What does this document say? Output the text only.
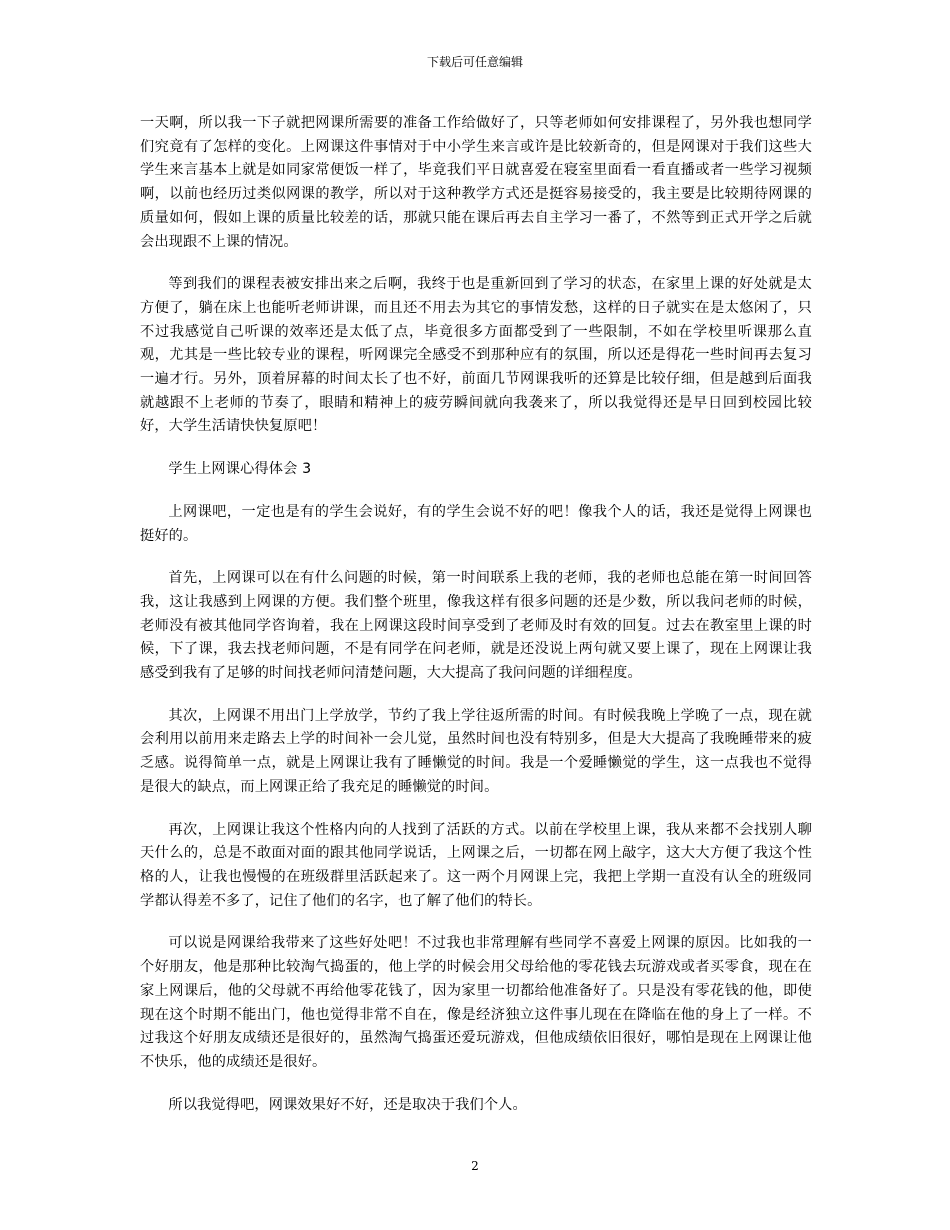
下载后可任意编辑

一天啊，所以我一下子就把网课所需要的准备工作给做好了，只等老师如何安排课程了，另外我也想同学们究竟有了怎样的变化。上网课这件事情对于中小学生来言或许是比较新奇的，但是网课对于我们这些大学生来言基本上就是如同家常便饭一样了，毕竟我们平日就喜爱在寝室里面看一看直播或者一些学习视频啊，以前也经历过类似网课的教学，所以对于这种教学方式还是挺容易接受的，我主要是比较期待网课的质量如何，假如上课的质量比较差的话，那就只能在课后再去自主学习一番了，不然等到正式开学之后就会出现跟不上课的情况。

等到我们的课程表被安排出来之后啊，我终于也是重新回到了学习的状态，在家里上课的好处就是太方便了，躺在床上也能听老师讲课，而且还不用去为其它的事情发愁，这样的日子就实在是太悠闲了，只不过我感觉自己听课的效率还是太低了点，毕竟很多方面都受到了一些限制，不如在学校里听课那么直观，尤其是一些比较专业的课程，听网课完全感受不到那种应有的氛围，所以还是得花一些时间再去复习一遍才行。另外，顶着屏幕的时间太长了也不好，前面几节网课我听的还算是比较仔细，但是越到后面我就越跟不上老师的节奏了，眼睛和精神上的疲劳瞬间就向我袭来了，所以我觉得还是早日回到校园比较好，大学生活请快快复原吧！

学生上网课心得体会 3

上网课吧，一定也是有的学生会说好，有的学生会说不好的吧！像我个人的话，我还是觉得上网课也挺好的。

首先，上网课可以在有什么问题的时候，第一时间联系上我的老师，我的老师也总能在第一时间回答我，这让我感到上网课的方便。我们整个班里，像我这样有很多问题的还是少数，所以我问老师的时候，老师没有被其他同学咨询着，我在上网课这段时间享受到了老师及时有效的回复。过去在教室里上课的时候，下了课，我去找老师问题，不是有同学在问老师，就是还没说上两句就又要上课了，现在上网课让我感受到我有了足够的时间找老师问清楚问题，大大提高了我问问题的详细程度。

其次，上网课不用出门上学放学，节约了我上学往返所需的时间。有时候我晚上学晚了一点，现在就会利用以前用来走路去上学的时间补一会儿觉，虽然时间也没有特别多，但是大大提高了我晚睡带来的疲乏感。说得简单一点，就是上网课让我有了睡懒觉的时间。我是一个爱睡懒觉的学生，这一点我也不觉得是很大的缺点，而上网课正给了我充足的睡懒觉的时间。

再次，上网课让我这个性格内向的人找到了活跃的方式。以前在学校里上课，我从来都不会找别人聊天什么的，总是不敢面对面的跟其他同学说话，上网课之后，一切都在网上敲字，这大大方便了我这个性格的人，让我也慢慢的在班级群里活跃起来了。这一两个月网课上完，我把上学期一直没有认全的班级同学都认得差不多了，记住了他们的名字，也了解了他们的特长。

可以说是网课给我带来了这些好处吧！不过我也非常理解有些同学不喜爱上网课的原因。比如我的一个好朋友，他是那种比较淘气捣蛋的，他上学的时候会用父母给他的零花钱去玩游戏或者买零食，现在在家上网课后，他的父母就不再给他零花钱了，因为家里一切都给他准备好了。只是没有零花钱的他，即使现在这个时期不能出门，他也觉得非常不自在，像是经济独立这件事儿现在在降临在他的身上了一样。不过我这个好朋友成绩还是很好的，虽然淘气捣蛋还爱玩游戏，但他成绩依旧很好，哪怕是现在上网课让他不快乐，他的成绩还是很好。

所以我觉得吧，网课效果好不好，还是取决于我们个人。

2
